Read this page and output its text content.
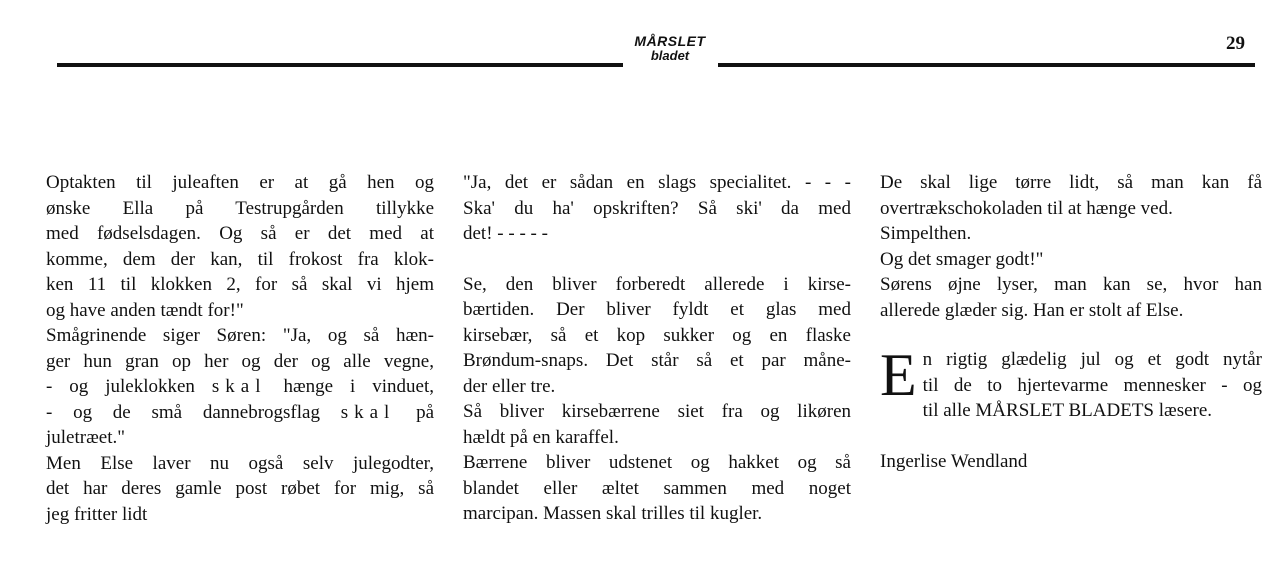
MÅRSLET
bladet
29

Optakten til juleaften er at gå hen og

ønske Ella på Testrupgården tillykke

med fødselsdagen. Og så er det med at

komme, dem der kan, til frokost fra klok-

ken 11 til klokken 2, for så skal vi hjem

og have anden tændt for!"

Smågrinende siger Søren: "Ja, og så hæn-

ger hun gran op her og der og alle vegne,

- og juleklokken skal hænge i vinduet,

- og de små dannebrogsflag skal på

juletræet."

Men Else laver nu også selv julegodter,

det har deres gamle post røbet for mig, så

jeg fritter lidt

"Ja, det er sådan en slags specialitet. - - -

Ska' du ha' opskriften? Så ski' da med

det! - - - - -

Se, den bliver forberedt allerede i kirse-

bærtiden. Der bliver fyldt et glas med

kirsebær, så et kop sukker og en flaske

Brøndum-snaps. Det står så et par måne-

der eller tre.

Så bliver kirsebærrene siet fra og likøren

hældt på en karaffel.

Bærrene bliver udstenet og hakket og så

blandet eller æltet sammen med noget

marcipan. Massen skal trilles til kugler.

De skal lige tørre lidt, så man kan få

overtrækschokoladen til at hænge ved.

Simpelthen.

Og det smager godt!"

Sørens øjne lyser, man kan se, hvor han

allerede glæder sig. Han er stolt af Else.

E n rigtig glædelig jul og et godt nytår

til de to hjertevarme mennesker - og

til alle MÅRSLET BLADETS læsere.

Ingerlise Wendland
